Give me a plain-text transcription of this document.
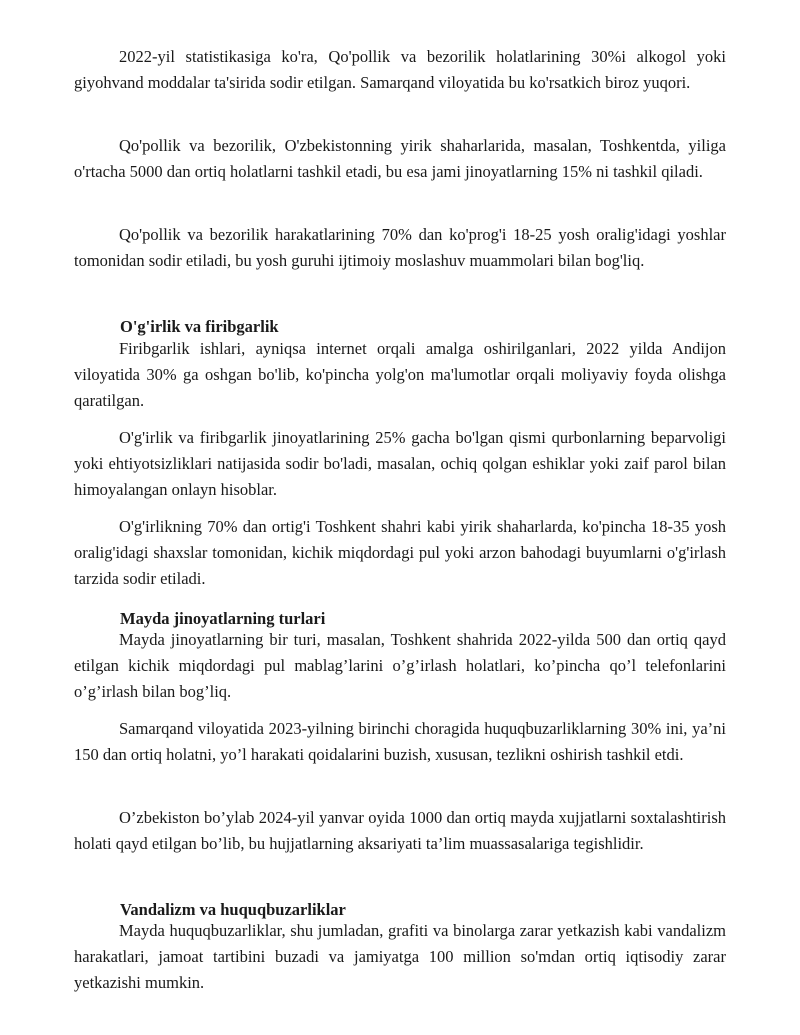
2022-yil statistikasiga ko'ra, Qo'pollik va bezorilik holatlarining 30%i alkogol yoki giyohvand moddalar ta'sirida sodir etilgan. Samarqand viloyatida bu ko'rsatkich biroz yuqori.

Qo'pollik va bezorilik, O'zbekistonning yirik shaharlarida, masalan, Toshkentda, yiliga o'rtacha 5000 dan ortiq holatlarni tashkil etadi, bu esa jami jinoyatlarning 15% ni tashkil qiladi.

Qo'pollik va bezorilik harakatlarining 70% dan ko'prog'i 18-25 yosh oralig'idagi yoshlar tomonidan sodir etiladi, bu yosh guruhi ijtimoiy moslashuv muammolari bilan bog'liq.

O'g'irlik va firibgarlik

Firibgarlik ishlari, ayniqsa internet orqali amalga oshirilganlari, 2022 yilda Andijon viloyatida 30% ga oshgan bo'lib, ko'pincha yolg'on ma'lumotlar orqali moliyaviy foyda olishga qaratilgan.

O'g'irlik va firibgarlik jinoyatlarining 25% gacha bo'lgan qismi qurbonlarning beparvoligi yoki ehtiyotsizliklari natijasida sodir bo'ladi, masalan, ochiq qolgan eshiklar yoki zaif parol bilan himoyalangan onlayn hisoblar.

O'g'irlikning 70% dan ortig'i Toshkent shahri kabi yirik shaharlarda, ko'pincha 18-35 yosh oralig'idagi shaxslar tomonidan, kichik miqdordagi pul yoki arzon bahodagi buyumlarni o'g'irlash tarzida sodir etiladi.

Mayda jinoyatlarning turlari

Mayda jinoyatlarning bir turi, masalan, Toshkent shahrida 2022-yilda 500 dan ortiq qayd etilgan kichik miqdordagi pul mablag’larini o’g’irlash holatlari, ko’pincha qo’l telefonlarini o’g’irlash bilan bog’liq.

Samarqand viloyatida 2023-yilning birinchi choragida huquqbuzarliklarning 30% ini, ya’ni 150 dan ortiq holatni, yo’l harakati qoidalarini buzish, xususan, tezlikni oshirish tashkil etdi.

O’zbekiston bo’ylab 2024-yil yanvar oyida 1000 dan ortiq mayda xujjatlarni soxtalashtirish holati qayd etilgan bo’lib, bu hujjatlarning aksariyati ta’lim muassasalariga tegishlidir.

Vandalizm va huquqbuzarliklar

Mayda huquqbuzarliklar, shu jumladan, grafiti va binolarga zarar yetkazish kabi vandalizm harakatlari, jamoat tartibini buzadi va jamiyatga 100 million so'mdan ortiq iqtisodiy zarar yetkazishi mumkin.
